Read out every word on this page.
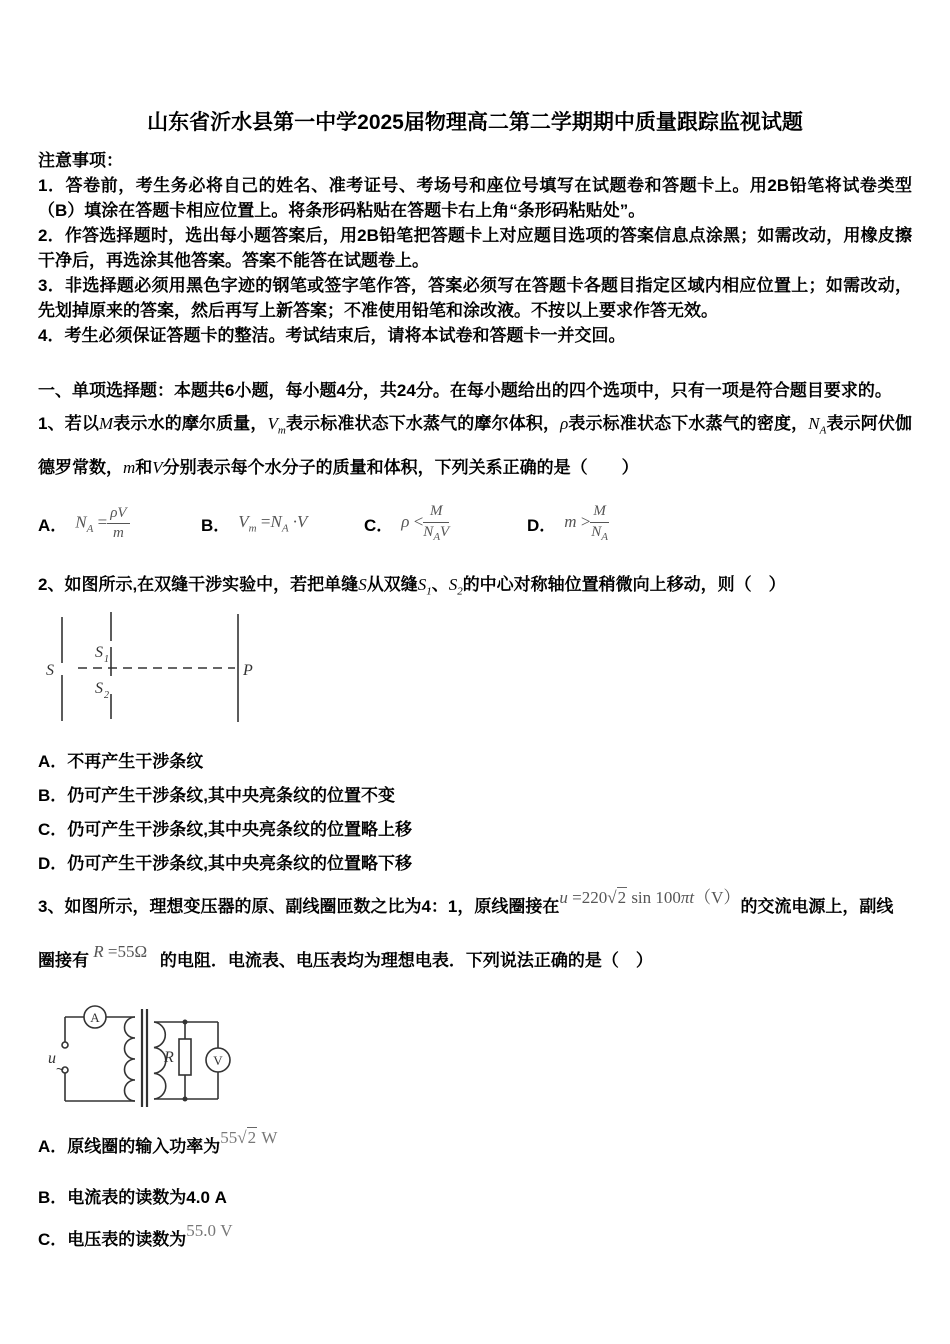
山东省沂水县第一中学2025届物理高二第二学期期中质量跟踪监视试题

注意事项：

1．答卷前，考生务必将自己的姓名、准考证号、考场号和座位号填写在试题卷和答题卡上。用2B铅笔将试卷类型（B）填涂在答题卡相应位置上。将条形码粘贴在答题卡右上角“条形码粘贴处”。

2．作答选择题时，选出每小题答案后，用2B铅笔把答题卡上对应题目选项的答案信息点涂黑；如需改动，用橡皮擦干净后，再选涂其他答案。答案不能答在试题卷上。

3．非选择题必须用黑色字迹的钢笔或签字笔作答，答案必须写在答题卡各题目指定区域内相应位置上；如需改动，先划掉原来的答案，然后再写上新答案；不准使用铅笔和涂改液。不按以上要求作答无效。

4．考生必须保证答题卡的整洁。考试结束后，请将本试卷和答题卡一并交回。

一、单项选择题：本题共6小题，每小题4分，共24分。在每小题给出的四个选项中，只有一项是符合题目要求的。

1、若以M表示水的摩尔质量，$V_m$表示标准状态下水蒸气的摩尔体积，ρ表示标准状态下水蒸气的密度，$N_A$表示阿伏伽德罗常数，m和V分别表示每个水分子的质量和体积，下列关系正确的是（　　）

A． $N_A = \frac{\rho V}{m}$	B． $V_m =N_A \cdot V$	C． $\rho < \frac{M}{N_AV}$	D． $m > \frac{M}{N_A}$

2、如图所示,在双缝干涉实验中，若把单缝S从双缝$S_1$、$S_2$的中心对称轴位置稍微向上移动，则（　）

S
S 1
S 2
P

A．不再产生干涉条纹

B．仍可产生干涉条纹,其中央亮条纹的位置不变

C．仍可产生干涉条纹,其中央亮条纹的位置略上移

D．仍可产生干涉条纹,其中央亮条纹的位置略下移

3、如图所示，理想变压器的原、副线圈匝数之比为4：1，原线圈接在u =220√2 sin 100πt（V）的交流电源上，副线

圈接有 R =55Ω 的电阻．电流表、电压表均为理想电表．下列说法正确的是（　）

u
~
A
R	V

A．原线圈的输入功率为55√2 W

B．电流表的读数为4.0 A

C．电压表的读数为55.0 V
